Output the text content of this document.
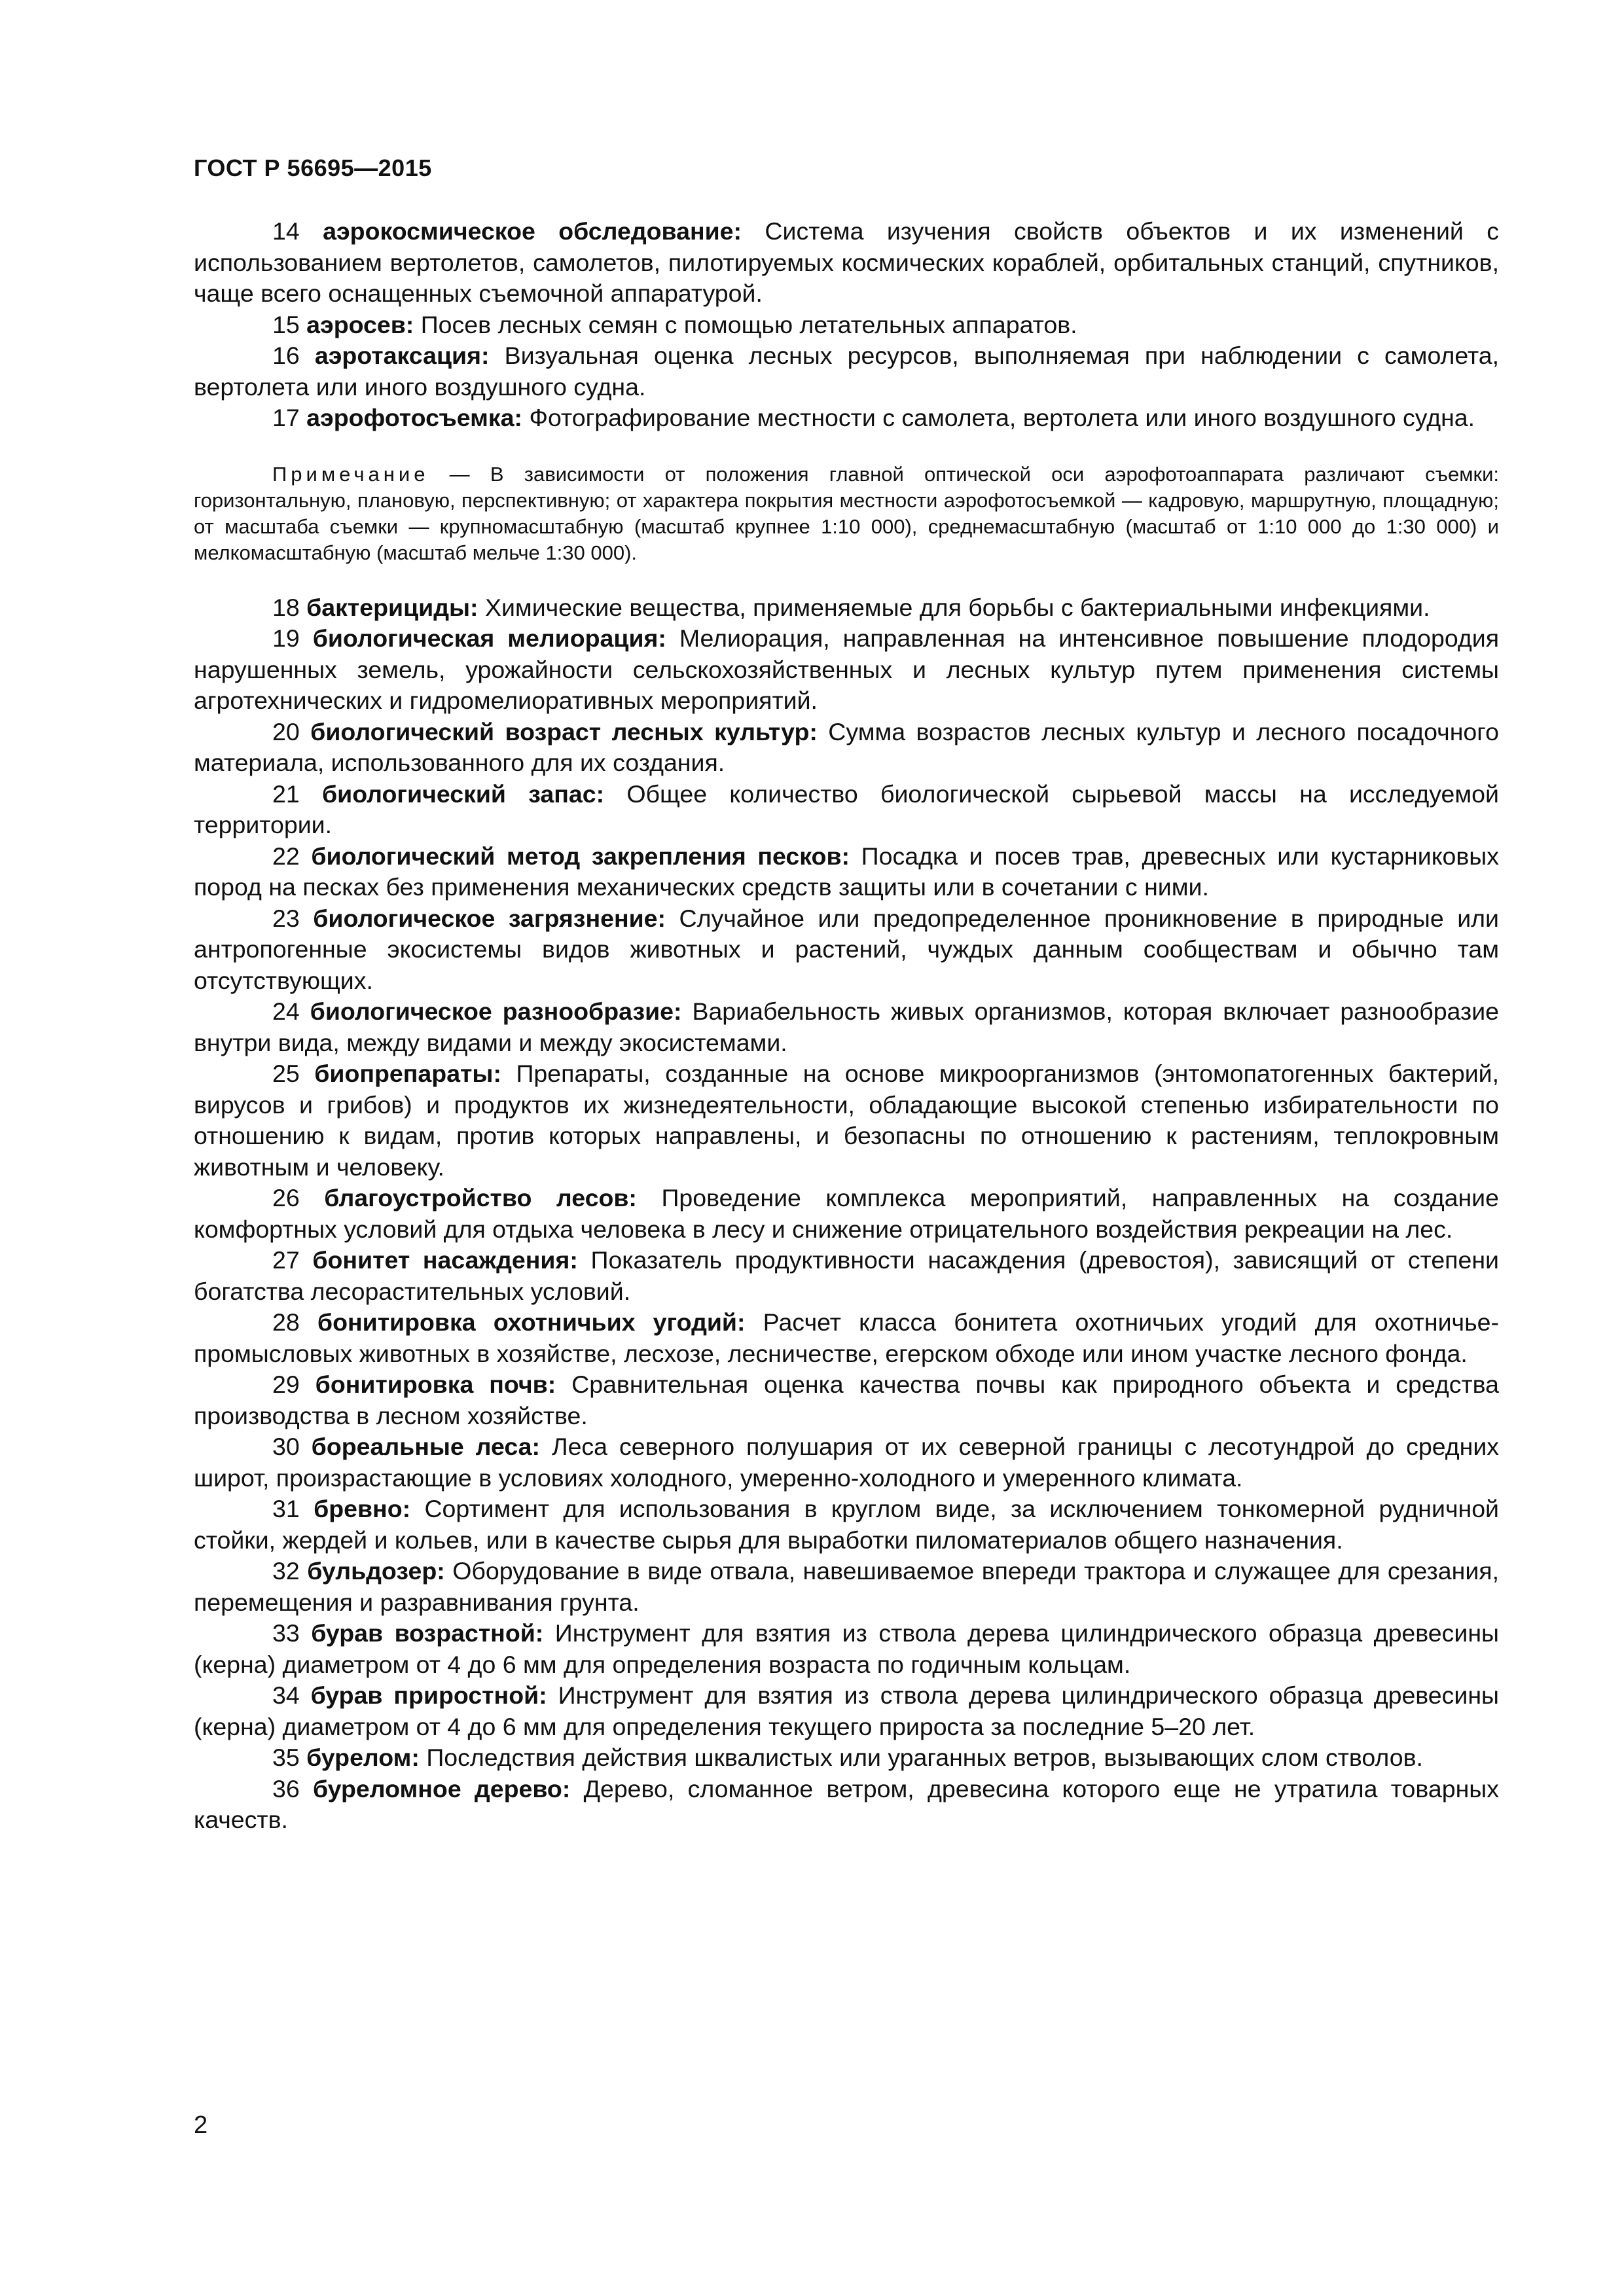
ГОСТ Р 56695—2015

14 аэрокосмическое обследование: Система изучения свойств объектов и их изменений с использованием вертолетов, самолетов, пилотируемых космических кораблей, орбитальных станций, спутников, чаще всего оснащенных съемочной аппаратурой.

15 аэросев: Посев лесных семян с помощью летательных аппаратов.

16 аэротаксация: Визуальная оценка лесных ресурсов, выполняемая при наблюдении с самолета, вертолета или иного воздушного судна.

17 аэрофотосъемка: Фотографирование местности с самолета, вертолета или иного воздушного судна.

Примечание — В зависимости от положения главной оптической оси аэрофотоаппарата различают съемки: горизонтальную, плановую, перспективную; от характера покрытия местности аэрофотосъемкой — кадровую, маршрутную, площадную; от масштаба съемки — крупномасштабную (масштаб крупнее 1:10 000), среднемасштабную (масштаб от 1:10 000 до 1:30 000) и мелкомасштабную (масштаб мельче 1:30 000).

18 бактерициды: Химические вещества, применяемые для борьбы с бактериальными инфекциями.

19 биологическая мелиорация: Мелиорация, направленная на интенсивное повышение плодородия нарушенных земель, урожайности сельскохозяйственных и лесных культур путем применения системы агротехнических и гидромелиоративных мероприятий.

20 биологический возраст лесных культур: Сумма возрастов лесных культур и лесного посадочного материала, использованного для их создания.

21 биологический запас: Общее количество биологической сырьевой массы на исследуемой территории.

22 биологический метод закрепления песков: Посадка и посев трав, древесных или кустарниковых пород на песках без применения механических средств защиты или в сочетании с ними.

23 биологическое загрязнение: Случайное или предопределенное проникновение в природные или антропогенные экосистемы видов животных и растений, чуждых данным сообществам и обычно там отсутствующих.

24 биологическое разнообразие: Вариабельность живых организмов, которая включает разнообразие внутри вида, между видами и между экосистемами.

25 биопрепараты: Препараты, созданные на основе микроорганизмов (энтомопатогенных бактерий, вирусов и грибов) и продуктов их жизнедеятельности, обладающие высокой степенью избирательности по отношению к видам, против которых направлены, и безопасны по отношению к растениям, теплокровным животным и человеку.

26 благоустройство лесов: Проведение комплекса мероприятий, направленных на создание комфортных условий для отдыха человека в лесу и снижение отрицательного воздействия рекреации на лес.

27 бонитет насаждения: Показатель продуктивности насаждения (древостоя), зависящий от степени богатства лесорастительных условий.

28 бонитировка охотничьих угодий: Расчет класса бонитета охотничьих угодий для охотничье-промысловых животных в хозяйстве, лесхозе, лесничестве, егерском обходе или ином участке лесного фонда.

29 бонитировка почв: Сравнительная оценка качества почвы как природного объекта и средства производства в лесном хозяйстве.

30 бореальные леса: Леса северного полушария от их северной границы с лесотундрой до средних широт, произрастающие в условиях холодного, умеренно-холодного и умеренного климата.

31 бревно: Сортимент для использования в круглом виде, за исключением тонкомерной рудничной стойки, жердей и кольев, или в качестве сырья для выработки пиломатериалов общего назначения.

32 бульдозер: Оборудование в виде отвала, навешиваемое впереди трактора и служащее для срезания, перемещения и разравнивания грунта.

33 бурав возрастной: Инструмент для взятия из ствола дерева цилиндрического образца древесины (керна) диаметром от 4 до 6 мм для определения возраста по годичным кольцам.

34 бурав приростной: Инструмент для взятия из ствола дерева цилиндрического образца древесины (керна) диаметром от 4 до 6 мм для определения текущего прироста за последние 5–20 лет.

35 бурелом: Последствия действия шквалистых или ураганных ветров, вызывающих слом стволов.

36 буреломное дерево: Дерево, сломанное ветром, древесина которого еще не утратила товарных качеств.

2
